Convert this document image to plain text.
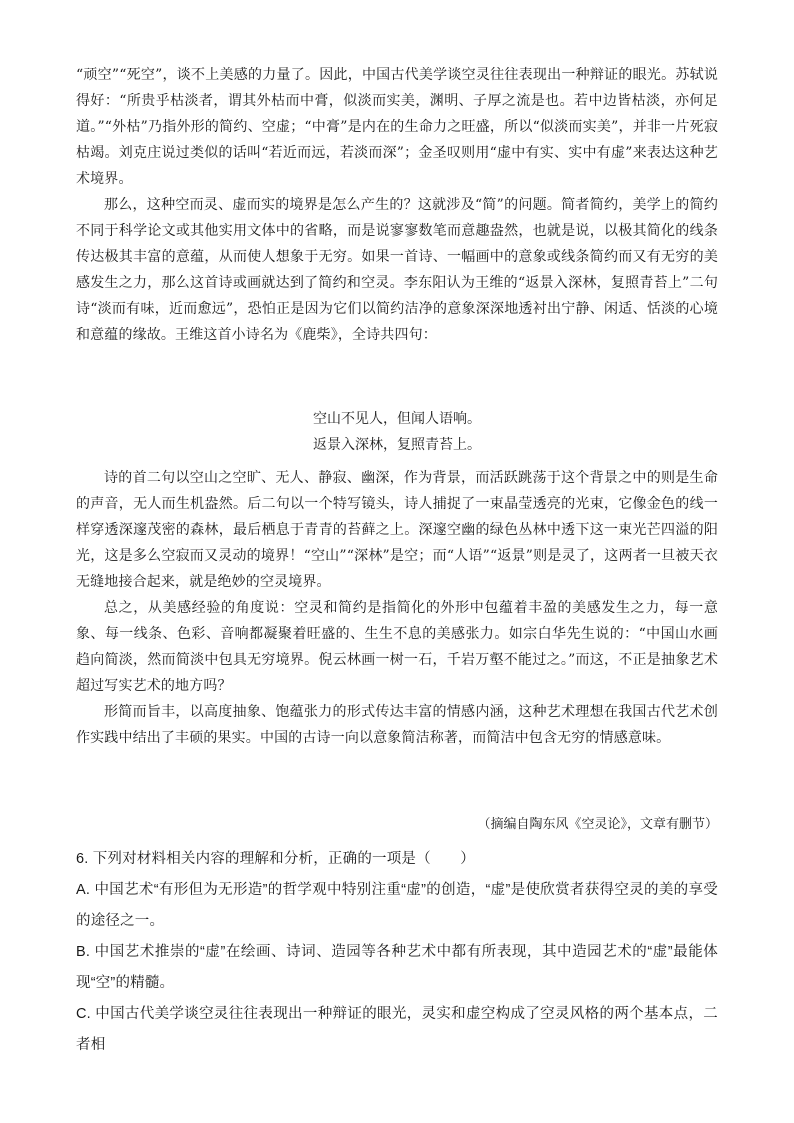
“顽空”“死空”，谈不上美感的力量了。因此，中国古代美学谈空灵往往表现出一种辩证的眼光。苏轼说得好：“所贵乎枯淡者，谓其外枯而中膏，似淡而实美，渊明、子厚之流是也。若中边皆枯淡，亦何足道。”“外枯”乃指外形的简约、空虚；“中膏”是内在的生命力之旺盛，所以“似淡而实美”，并非一片死寂枯竭。刘克庄说过类似的话叫“若近而远，若淡而深”；金圣叹则用“虚中有实、实中有虚”来表达这种艺术境界。

那么，这种空而灵、虚而实的境界是怎么产生的？这就涉及“简”的问题。简者简约，美学上的简约不同于科学论文或其他实用文体中的省略，而是说寥寥数笔而意趣盎然，也就是说，以极其简化的线条传达极其丰富的意蕴，从而使人想象于无穷。如果一首诗、一幅画中的意象或线条简约而又有无穷的美感发生之力，那么这首诗或画就达到了简约和空灵。李东阳认为王维的“返景入深林，复照青苔上”二句诗“淡而有味，近而愈远”，恐怕正是因为它们以简约洁净的意象深深地透衬出宁静、闲适、恬淡的心境和意蕴的缘故。王维这首小诗名为《鹿柴》，全诗共四句：

空山不见人，但闻人语响。

返景入深林，复照青苔上。

诗的首二句以空山之空旷、无人、静寂、幽深，作为背景，而活跃跳荡于这个背景之中的则是生命的声音，无人而生机盎然。后二句以一个特写镜头，诗人捕捉了一束晶莹透亮的光束，它像金色的线一样穿透深邃茂密的森林，最后栖息于青青的苔藓之上。深邃空幽的绿色丛林中透下这一束光芒四溢的阳光，这是多么空寂而又灵动的境界！“空山”“深林”是空；而“人语”“返景”则是灵了，这两者一旦被天衣无缝地接合起来，就是绝妙的空灵境界。

总之，从美感经验的角度说：空灵和简约是指简化的外形中包蕴着丰盈的美感发生之力，每一意象、每一线条、色彩、音响都凝聚着旺盛的、生生不息的美感张力。如宗白华先生说的：“中国山水画趋向简淡，然而简淡中包具无穷境界。倪云林画一树一石，千岩万壑不能过之。”而这，不正是抽象艺术超过写实艺术的地方吗？

形简而旨丰，以高度抽象、饱蕴张力的形式传达丰富的情感内涵，这种艺术理想在我国古代艺术创作实践中结出了丰硕的果实。中国的古诗一向以意象简洁称著，而简洁中包含无穷的情感意味。

（摘编自陶东风《空灵论》，文章有删节）

6. 下列对材料相关内容的理解和分析，正确的一项是（　　）

A. 中国艺术“有形但为无形造”的哲学观中特别注重“虚”的创造，“虚”是使欣赏者获得空灵的美的享受的途径之一。

B. 中国艺术推崇的“虚”在绘画、诗词、造园等各种艺术中都有所表现，其中造园艺术的“虚”最能体现“空”的精髓。

C. 中国古代美学谈空灵往往表现出一种辩证的眼光，灵实和虚空构成了空灵风格的两个基本点，二者相
